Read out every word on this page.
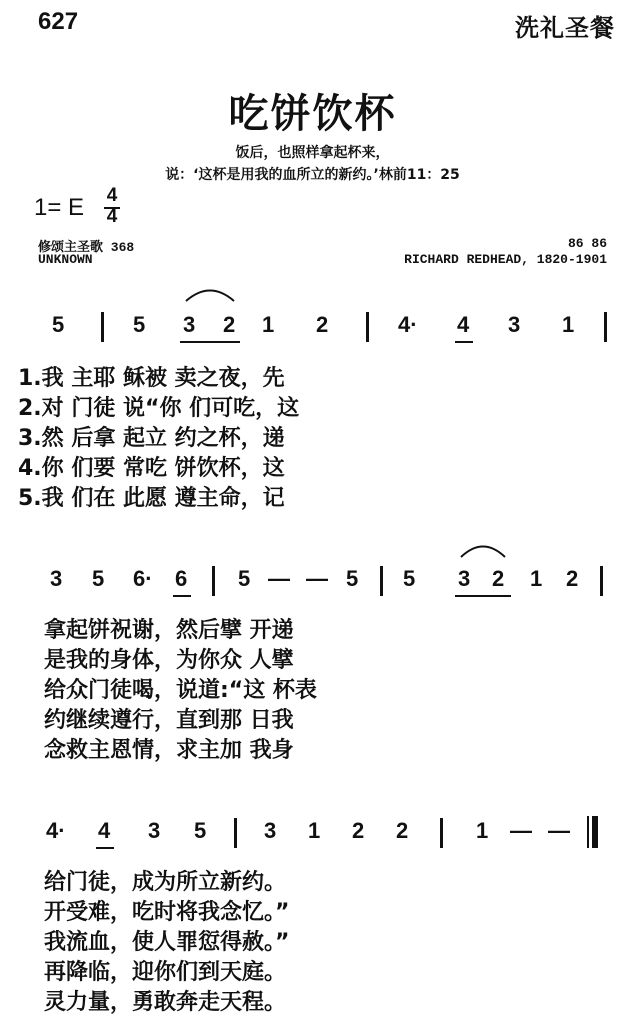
627	洗礼圣餐
吃饼饮杯
饭后，也照样拿起杯来，
说：‘这杯是用我的血所立的新约。’林前11：25
1= E 4
4
修颂主圣歌 368	86 86
UNKNOWN	RICHARD REDHEAD, 1820-1901
5	5 3 2 1 2	4· 4 3 1
1.我 主耶 稣被 卖之夜，先
2.对 门徒 说“你 们可吃，这
3.然 后拿 起立 约之杯，递
4.你 们要 常吃 饼饮杯，这
5.我 们在 此愿 遵主命，记
3 5 6· 6 5 — — 5 5 3 2 1 2
拿起饼祝谢，然后擘 开递
是我的身体，为你众 人擘
给众门徒喝，说道:“这 杯表
约继续遵行，直到那 日我
念救主恩情，求主加 我身
4· 4 3 5	3 1 2 2	1 — —
给门徒，成为所立新约。
开受难，吃时将我念忆。”
我流血，使人罪愆得赦。”
再降临，迎你们到天庭。
灵力量，勇敢奔走天程。
